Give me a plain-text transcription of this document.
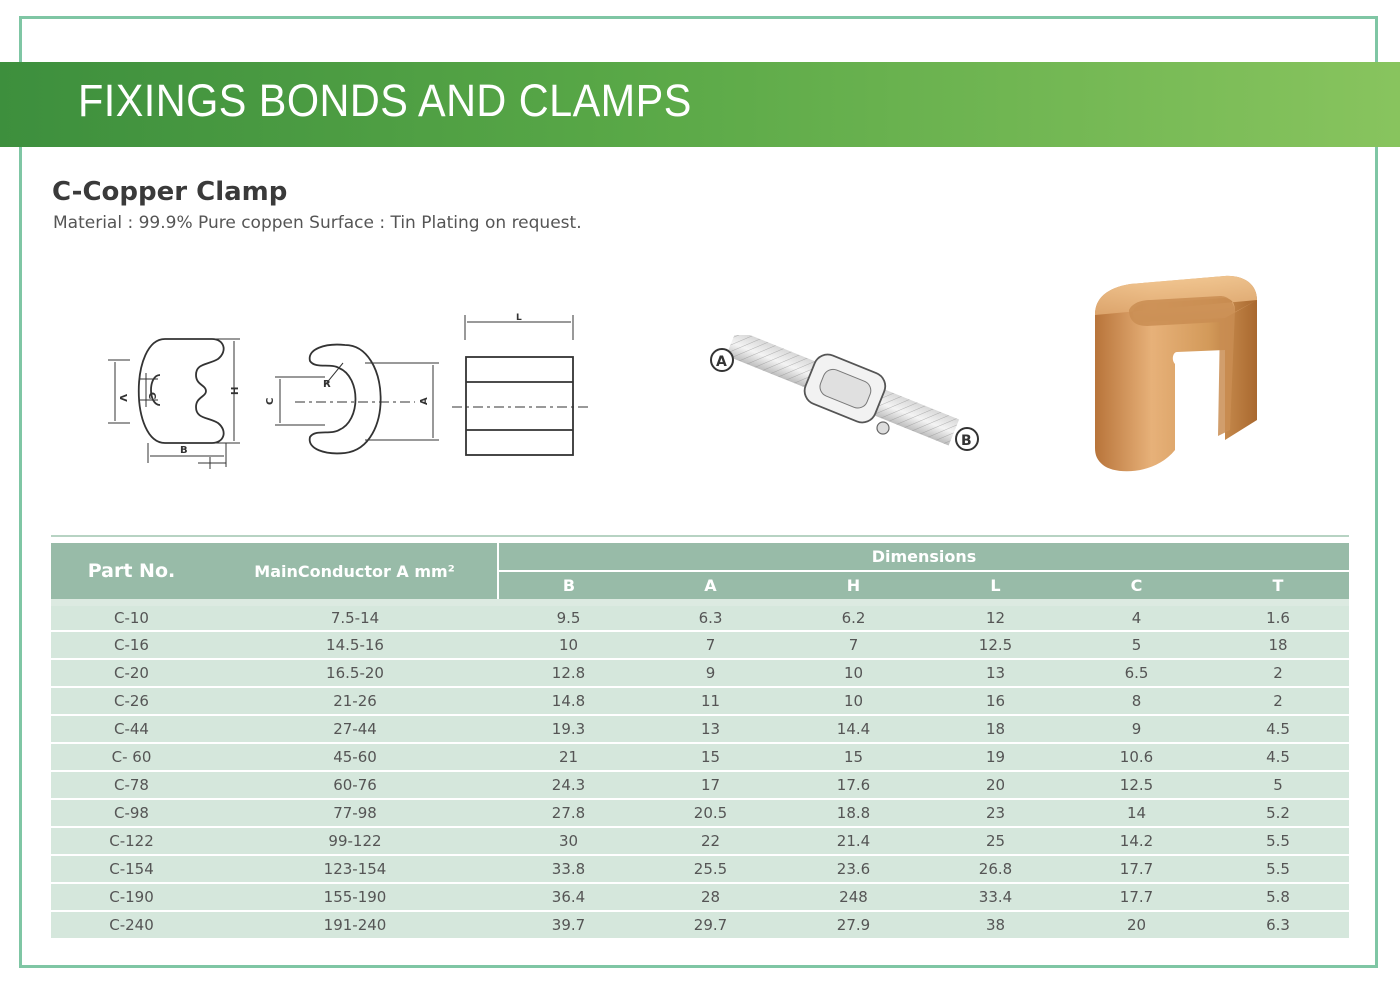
FIXINGS BONDS AND CLAMPS
C-Copper Clamp
Material : 99.9% Pure coppen Surface : Tin Plating on request.
V C
H
B
C
R
A
L
A
B
Part No.	MainConductor A mm²	Dimensions					
		B	A	H	L	C	T
C-10	7.5-14	9.5	6.3	6.2	12	4	1.6
C-16	14.5-16	10	7	7	12.5	5	18
C-20	16.5-20	12.8	9	10	13	6.5	2
C-26	21-26	14.8	11	10	16	8	2
C-44	27-44	19.3	13	14.4	18	9	4.5
C- 60	45-60	21	15	15	19	10.6	4.5
C-78	60-76	24.3	17	17.6	20	12.5	5
C-98	77-98	27.8	20.5	18.8	23	14	5.2
C-122	99-122	30	22	21.4	25	14.2	5.5
C-154	123-154	33.8	25.5	23.6	26.8	17.7	5.5
C-190	155-190	36.4	28	248	33.4	17.7	5.8
C-240	191-240	39.7	29.7	27.9	38	20	6.3
